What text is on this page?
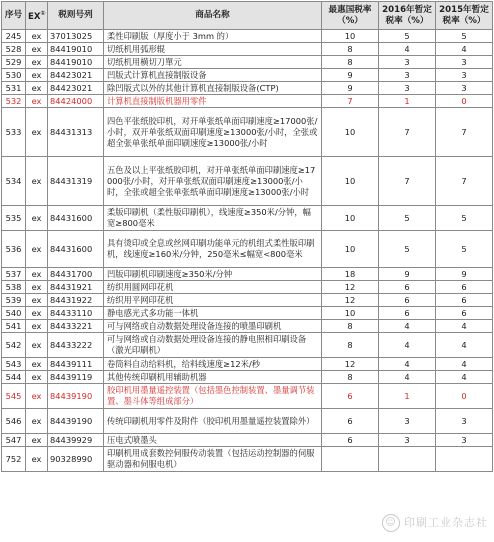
序号	EX①	税则号列	商品名称	最惠国税率（%）	2016年暂定税率（%）	2015年暂定税率（%）
245	ex	37013025	柔性印刷版（厚度小于 3mm 的）	10	5	5
528	ex	84419010	切纸机用弧形辊	8	4	4
529	ex	84419010	切纸机用横切刀單元	8	3	3
530	ex	84423021	凹版式计算机直接制版设备	9	3	3
531	ex	84423021	除凹版式以外的其他计算机直接制版设备(CTP)	9	3	3
532	ex	84424000	计算机直接制版机器用零件	7	1	0
533	ex	84431313	四色平张纸胶印机，对开单张纸单面印刷速度≥17000张/小时，双开单张纸双面印刷速度≥13000张/小时，全张或超全张单张纸单面印刷速度≥13000张/小时	10	7	7
534	ex	84431319	五色及以上平张纸胶印机，对开单张纸单面印刷速度≥17000张/小时，对开单张纸双面印刷速度≥13000张/小时，全张或超全张单张纸单面印刷速度≥13000张/小时	10	7	7
535	ex	84431600	柔版印刷机（柔性版印刷机），线速度≥350米/分钟，幅宽≥800毫米	10	5	5
536	ex	84431600	具有烫印或全息或丝网印刷功能单元的机组式柔性版印刷机，线速度≥160米/分钟，250毫米≤幅宽<800毫米	10	5	5
537	ex	84431700	凹版印刷机印刷速度≥350米/分钟	18	9	9
538	ex	84431921	纺织用圆网印花机	12	6	6
539	ex	84431922	纺织用平网印花机	12	6	6
540	ex	84433110	静电感光式多功能一体机	10	6	6
541	ex	84433221	可与网络或自动数据处理设备连接的喷墨印刷机	8	4	4
542	ex	84433222	可与网络或自动数据处理设备连接的静电照相印刷设备（激光印刷机）	8	4	4
543	ex	84439111	卷筒料自动给料机，给料线速度≥12米/秒	12	4	4
544	ex	84439119	其他传统印刷机用辅助机器	8	4	4
545	ex	84439190	胶印机用墨量遥控装置（包括墨色控制装置、墨量调节装置、墨斗体等组成部分）	6	1	0
546	ex	84439190	传统印刷机用零件及附件（胶印机用墨量遥控装置除外）	6	3	3
547	ex	84439929	压电式喷墨头	6	3	3
752	ex	90328990	印刷机用成套数控伺服传动装置（包括运动控制器的伺服驱动器和伺服电机）			
☺ 印刷工业杂志社
